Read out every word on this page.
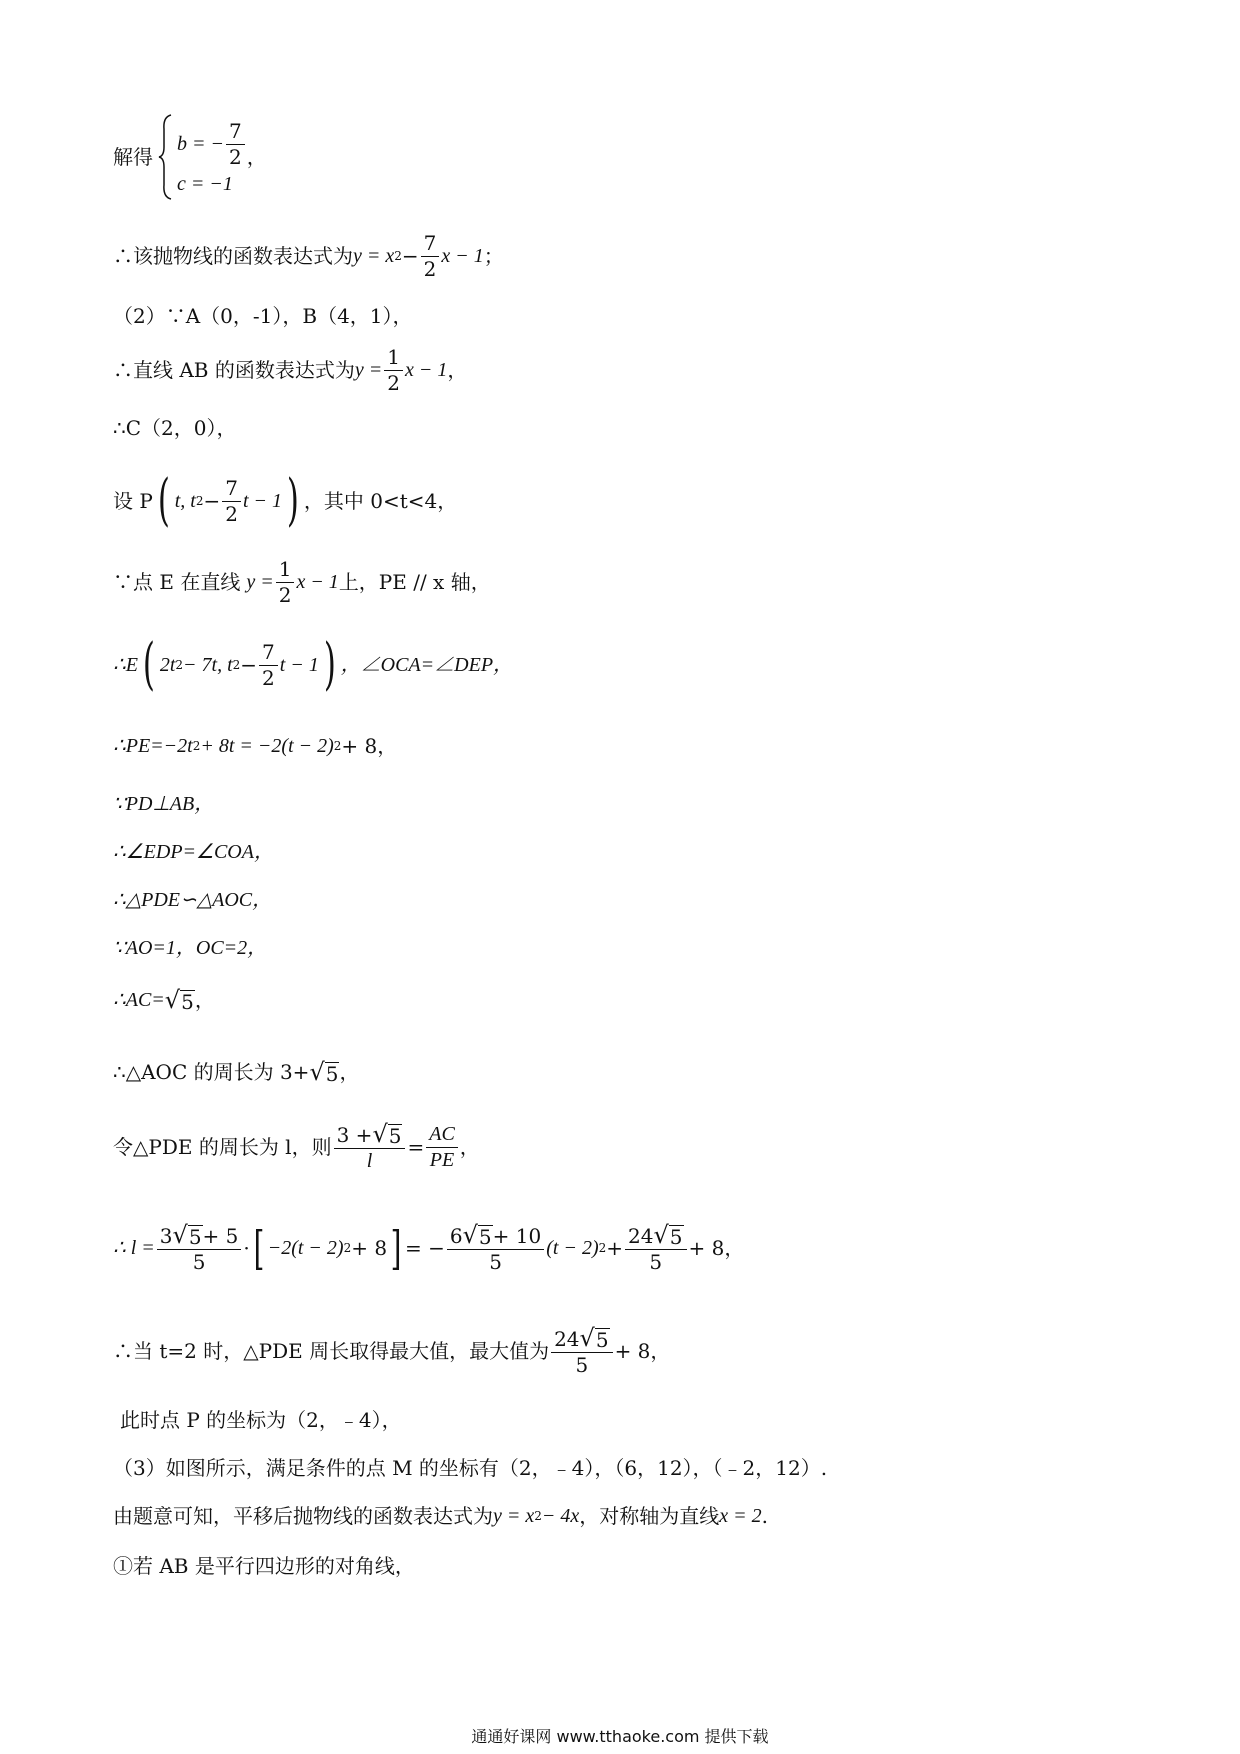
解得
b = − $\frac{7}{2}$
c = −1
，
∴该抛物线的函数表达式为 y = x $2 - \frac{7}{2}$ x − 1 ；
（2）∵A（0，-1），B（4，1），
∴直线 AB 的函数表达式为 $y = \frac{1}{2}$ x − 1 ，
∴C（2，0），
设 P ( t, t $2 - \frac{7}{2}$ t − 1 ) ，其中 0<t<4，
∵点 E 在直线 $y = \frac{1}{2}$ x − 1 上，PE // x 轴，
∴E ( 2t 2 − 7t, t $2 - \frac{7}{2}$ t − 1 ) ，∠OCA=∠DEP，
∴PE=−2t 2 + 8t = −2(t − 2) 2 + 8，
∵PD⊥AB，
∴∠EDP=∠COA，
∴△PDE∽△AOC，
∵AO=1，OC=2，
∴AC= √ 5 ，
∴△AOC 的周长为 3+ √ 5 ，
令△PDE 的周长为 l，则 $\frac{3 + √ 5}{l} = \frac{AC}{PE}$ ，
∴ $l = \frac{3 √ 5 + 5}{5}$ · [ −2(t − 2) 2 + 8 ] = − $\frac{6 √ 5 + 10}{5} (t - 2) 2 + \frac{24 √ 5}{5} + 8$，
∴当 t=2 时，△PDE 周长取得最大值，最大值为 $\frac{24 √ 5}{5} + 8$，
此时点 P 的坐标为（2，﹣4），
（3）如图所示，满足条件的点 M 的坐标有（2，﹣4），（6，12），（﹣2，12）.
由题意可知，平移后抛物线的函数表达式为 y = x 2 − 4x ，对称轴为直线 x = 2 .
①若 AB 是平行四边形的对角线，
通通好课网 www.tthaoke.com 提供下载
